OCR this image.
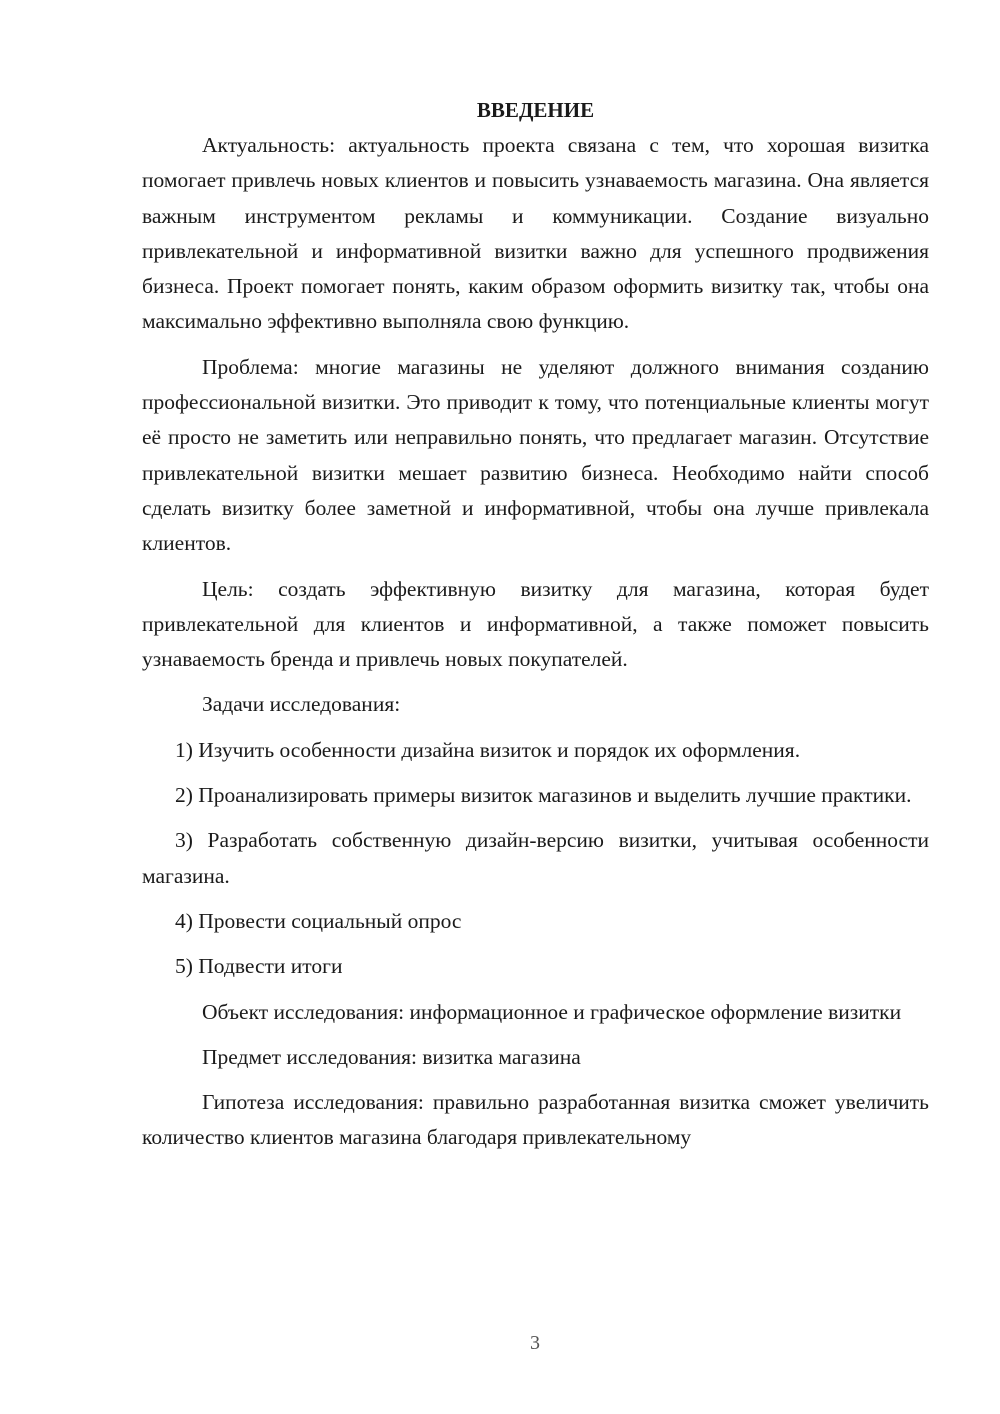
ВВЕДЕНИЕ

Актуальность: актуальность проекта связана с тем, что хорошая визитка помогает привлечь новых клиентов и повысить узнаваемость магазина. Она является важным инструментом рекламы и коммуникации. Создание визуально привлекательной и информативной визитки важно для успешного продвижения бизнеса. Проект помогает понять, каким образом оформить визитку так, чтобы она максимально эффективно выполняла свою функцию.

Проблема: многие магазины не уделяют должного внимания созданию профессиональной визитки. Это приводит к тому, что потенциальные клиенты могут её просто не заметить или неправильно понять, что предлагает магазин. Отсутствие привлекательной визитки мешает развитию бизнеса. Необходимо найти способ сделать визитку более заметной и информативной, чтобы она лучше привлекала клиентов.

Цель: создать эффективную визитку для магазина, которая будет привлекательной для клиентов и информативной, а также поможет повысить узнаваемость бренда и привлечь новых покупателей.

Задачи исследования:

1) Изучить особенности дизайна визиток и порядок их оформления.

2) Проанализировать примеры визиток магазинов и выделить лучшие практики.

3) Разработать собственную дизайн-версию визитки, учитывая особенности магазина.

4) Провести социальный опрос

5) Подвести итоги

Объект исследования: информационное и графическое оформление визитки

Предмет исследования: визитка магазина

Гипотеза исследования: правильно разработанная визитка сможет увеличить количество клиентов магазина благодаря привлекательному

3
